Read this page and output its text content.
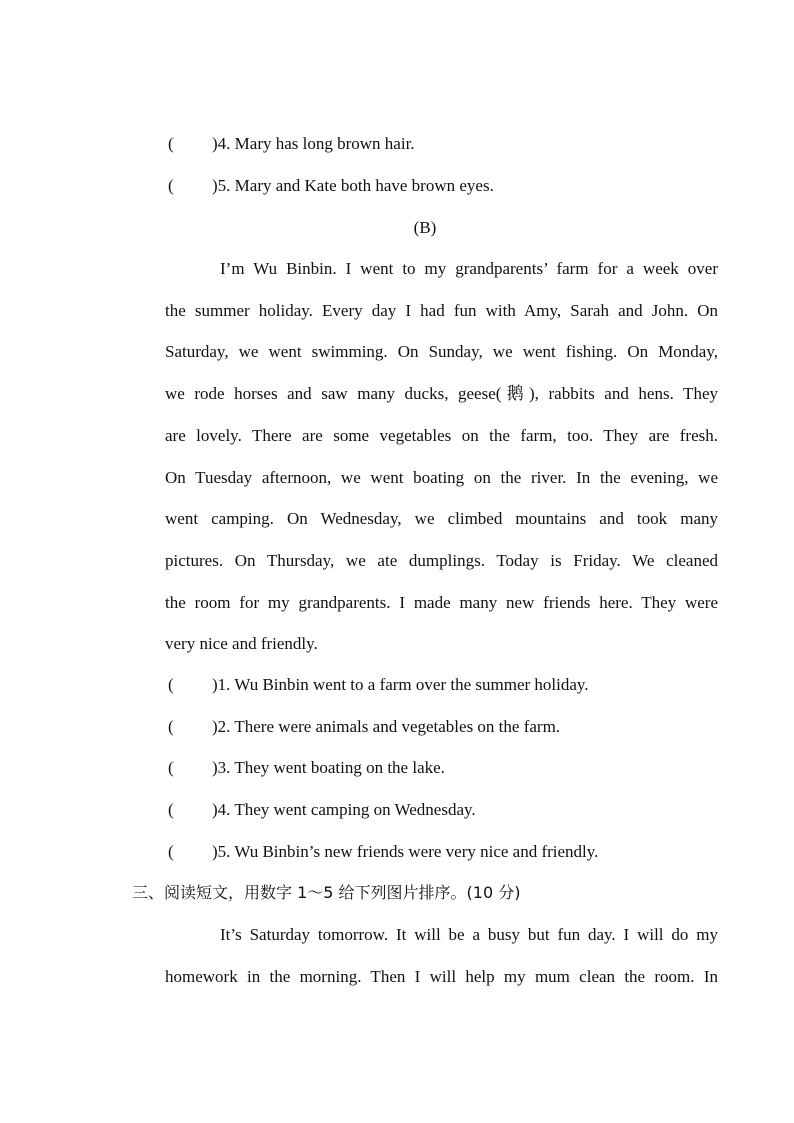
( )4. Mary has long brown hair.
( )5. Mary and Kate both have brown eyes.
(B)
I’m Wu Binbin. I went to my grandparents’ farm for a week over
the summer holiday. Every day I had fun with Amy, Sarah and John. On
Saturday, we went swimming. On Sunday, we went fishing. On Monday,
we rode horses and saw many ducks, geese(鹅), rabbits and hens. They
are lovely. There are some vegetables on the farm, too. They are fresh.
On Tuesday afternoon, we went boating on the river. In the evening, we
went camping. On Wednesday, we climbed mountains and took many
pictures. On Thursday, we ate dumplings. Today is Friday. We cleaned
the room for my grandparents. I made many new friends here. They were
very nice and friendly.
( )1. Wu Binbin went to a farm over the summer holiday.
( )2. There were animals and vegetables on the farm.
( )3. They went boating on the lake.
( )4. They went camping on Wednesday.
( )5. Wu Binbin’s new friends were very nice and friendly.
三、阅读短文，用数字 1～5 给下列图片排序。(10 分)
It’s Saturday tomorrow. It will be a busy but fun day. I will do my
homework in the morning. Then I will help my mum clean the room. In
